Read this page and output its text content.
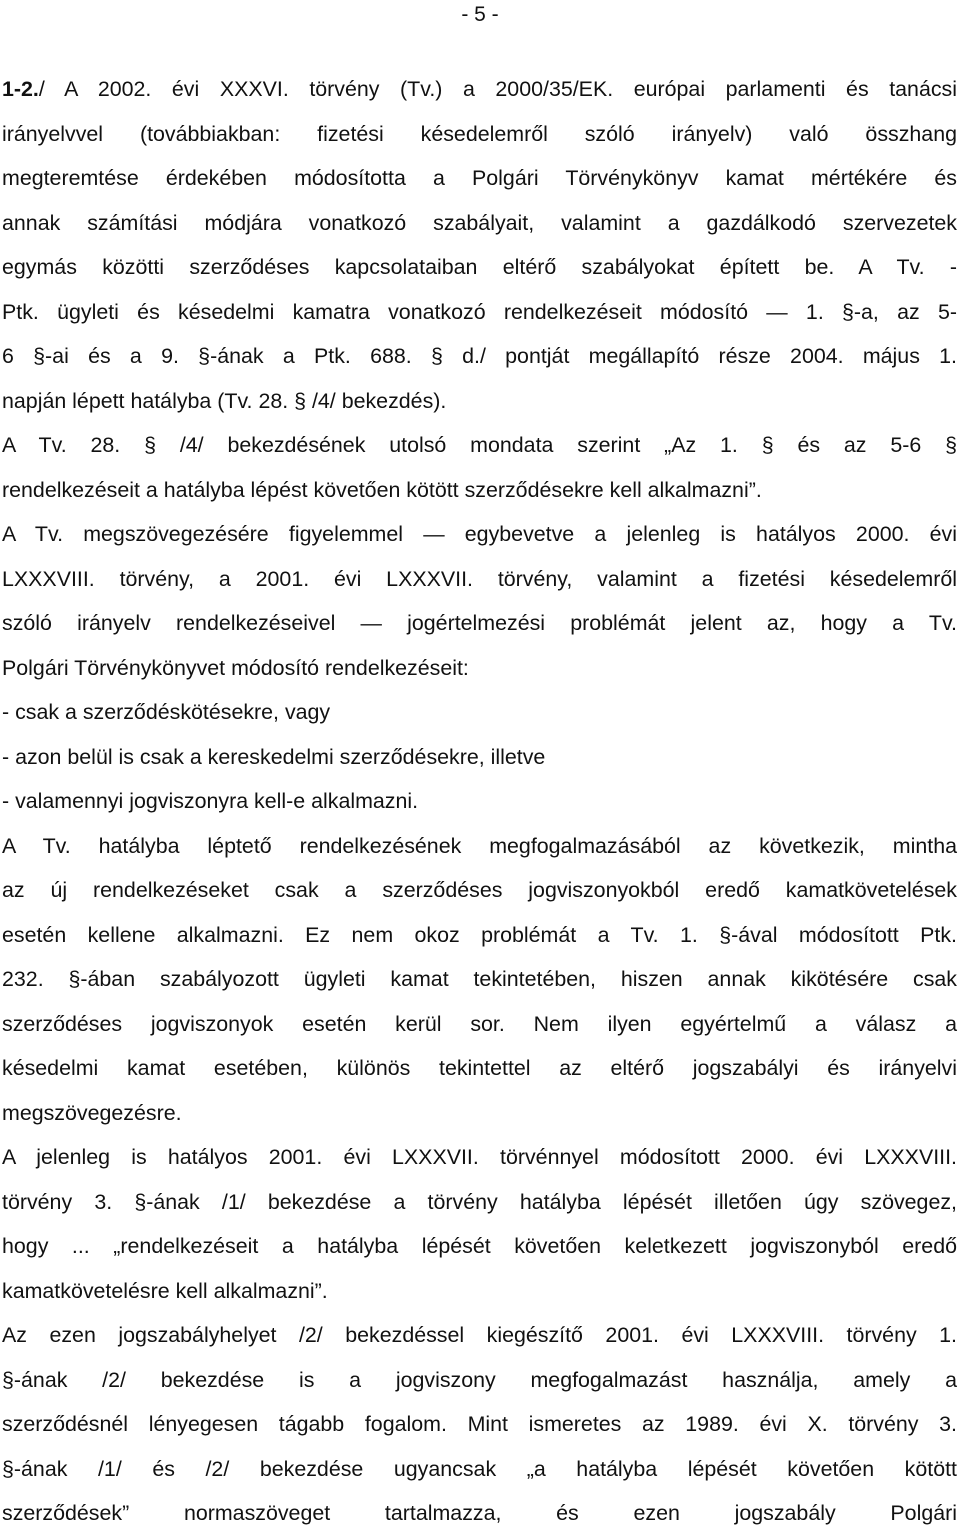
- 5 -
1-2./ A 2002. évi XXXVI. törvény (Tv.) a 2000/35/EK. európai parlamenti és tanácsi
irányelvvel (továbbiakban: fizetési késedelemről szóló irányelv) való összhang
megteremtése érdekében módosította a Polgári Törvénykönyv kamat mértékére és
annak számítási módjára vonatkozó szabályait, valamint a gazdálkodó szervezetek
egymás közötti szerződéses kapcsolataiban eltérő szabályokat épített be. A Tv. -
Ptk. ügyleti és késedelmi kamatra vonatkozó rendelkezéseit módosító — 1. §-a, az 5-
6 §-ai és a 9. §-ának a Ptk. 688. § d./ pontját megállapító része 2004. május 1.
napján lépett hatályba (Tv. 28. § /4/ bekezdés).
A Tv. 28. § /4/ bekezdésének utolsó mondata szerint „Az 1. § és az 5-6 §
rendelkezéseit a hatályba lépést követően kötött szerződésekre kell alkalmazni”.
A Tv. megszövegezésére figyelemmel — egybevetve a jelenleg is hatályos 2000. évi
LXXXVIII. törvény, a 2001. évi LXXXVII. törvény, valamint a fizetési késedelemről
szóló irányelv rendelkezéseivel — jogértelmezési problémát jelent az, hogy a Tv.
Polgári Törvénykönyvet módosító rendelkezéseit:
- csak a szerződéskötésekre, vagy
- azon belül is csak a kereskedelmi szerződésekre, illetve
- valamennyi jogviszonyra kell-e alkalmazni.
A Tv. hatályba léptető rendelkezésének megfogalmazásából az következik, mintha
az új rendelkezéseket csak a szerződéses jogviszonyokból eredő kamatkövetelések
esetén kellene alkalmazni. Ez nem okoz problémát a Tv. 1. §-ával módosított Ptk.
232. §-ában szabályozott ügyleti kamat tekintetében, hiszen annak kikötésére csak
szerződéses jogviszonyok esetén kerül sor. Nem ilyen egyértelmű a válasz a
késedelmi kamat esetében, különös tekintettel az eltérő jogszabályi és irányelvi
megszövegezésre.
A jelenleg is hatályos 2001. évi LXXXVII. törvénnyel módosított 2000. évi LXXXVIII.
törvény 3. §-ának /1/ bekezdése a törvény hatályba lépését illetően úgy szövegez,
hogy ... „rendelkezéseit a hatályba lépését követően keletkezett jogviszonyból eredő
kamatkövetelésre kell alkalmazni”.
Az ezen jogszabályhelyet /2/ bekezdéssel kiegészítő 2001. évi LXXXVIII. törvény 1.
§-ának /2/ bekezdése is a jogviszony megfogalmazást használja, amely a
szerződésnél lényegesen tágabb fogalom. Mint ismeretes az 1989. évi X. törvény 3.
§-ának /1/ és /2/ bekezdése ugyancsak „a hatályba lépését követően kötött
szerződések” normaszöveget tartalmazza, és ezen jogszabály Polgári
